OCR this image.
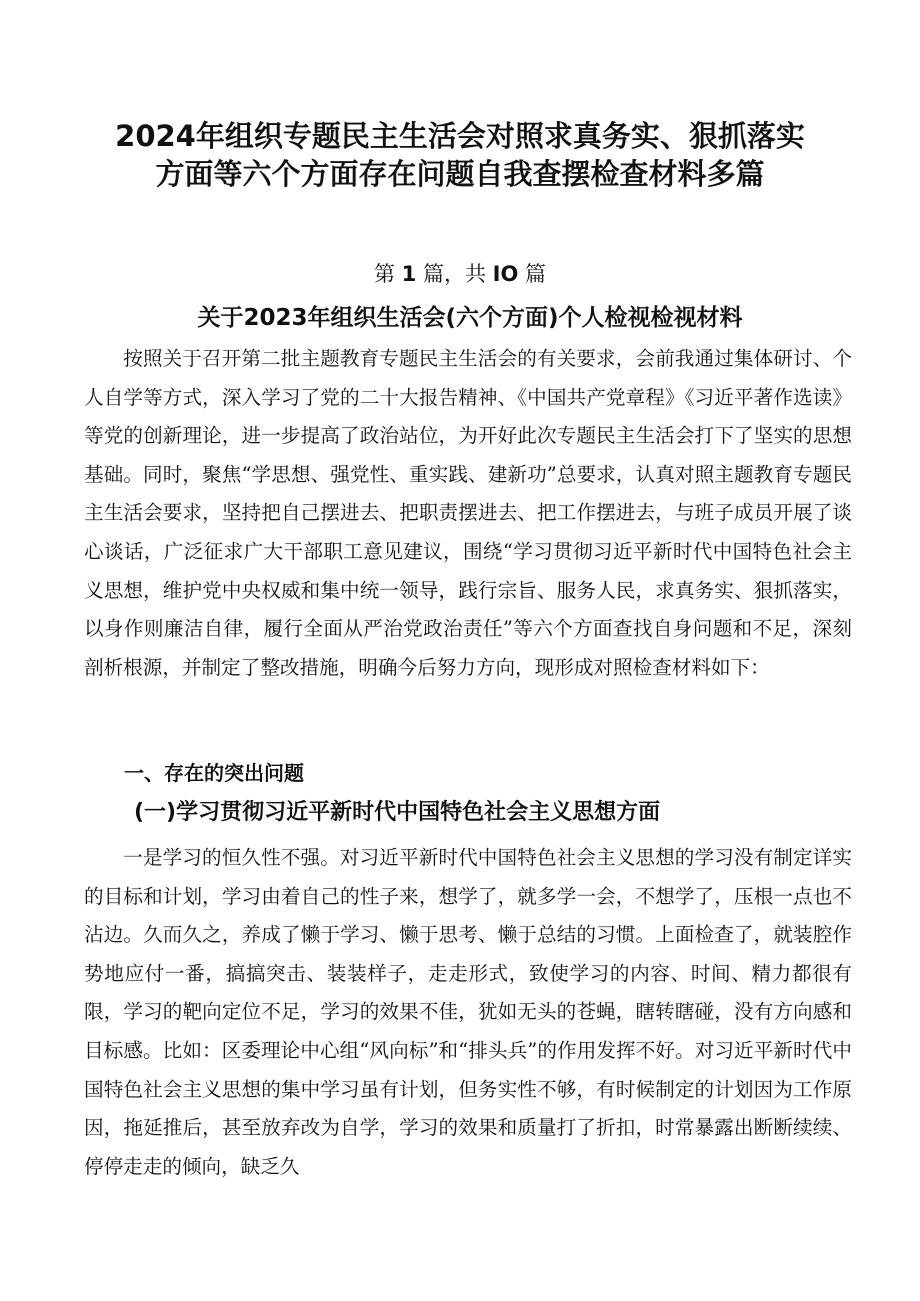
2024年组织专题民主生活会对照求真务实、狠抓落实
方面等六个方面存在问题自我查摆检查材料多篇
第 1 篇，共 IO 篇
关于2023年组织生活会(六个方面)个人检视检视材料

按照关于召开第二批主题教育专题民主生活会的有关要求，会前我通过集体研讨、个人自学等方式，深入学习了党的二十大报告精神、《中国共产党章程》《习近平著作选读》等党的创新理论，进一步提高了政治站位，为开好此次专题民主生活会打下了坚实的思想基础。同时，聚焦“学思想、强党性、重实践、建新功”总要求，认真对照主题教育专题民主生活会要求，坚持把自己摆进去、把职责摆进去、把工作摆进去，与班子成员开展了谈心谈话，广泛征求广大干部职工意见建议，围绕“学习贯彻习近平新时代中国特色社会主义思想，维护党中央权威和集中统一领导，践行宗旨、服务人民，求真务实、狠抓落实，以身作则廉洁自律，履行全面从严治党政治责任”等六个方面查找自身问题和不足，深刻剖析根源，并制定了整改措施，明确今后努力方向，现形成对照检查材料如下：

一、存在的突出问题
(一)学习贯彻习近平新时代中国特色社会主义思想方面

一是学习的恒久性不强。对习近平新时代中国特色社会主义思想的学习没有制定详实的目标和计划，学习由着自己的性子来，想学了，就多学一会，不想学了，压根一点也不沾边。久而久之，养成了懒于学习、懒于思考、懒于总结的习惯。上面检查了，就装腔作势地应付一番，搞搞突击、装装样子，走走形式，致使学习的内容、时间、精力都很有限，学习的靶向定位不足，学习的效果不佳，犹如无头的苍蝇，瞎转瞎碰，没有方向感和目标感。比如：区委理论中心组“风向标”和“排头兵”的作用发挥不好。对习近平新时代中国特色社会主义思想的集中学习虽有计划，但务实性不够，有时候制定的计划因为工作原因，拖延推后，甚至放弃改为自学，学习的效果和质量打了折扣，时常暴露出断断续续、停停走走的倾向，缺乏久
